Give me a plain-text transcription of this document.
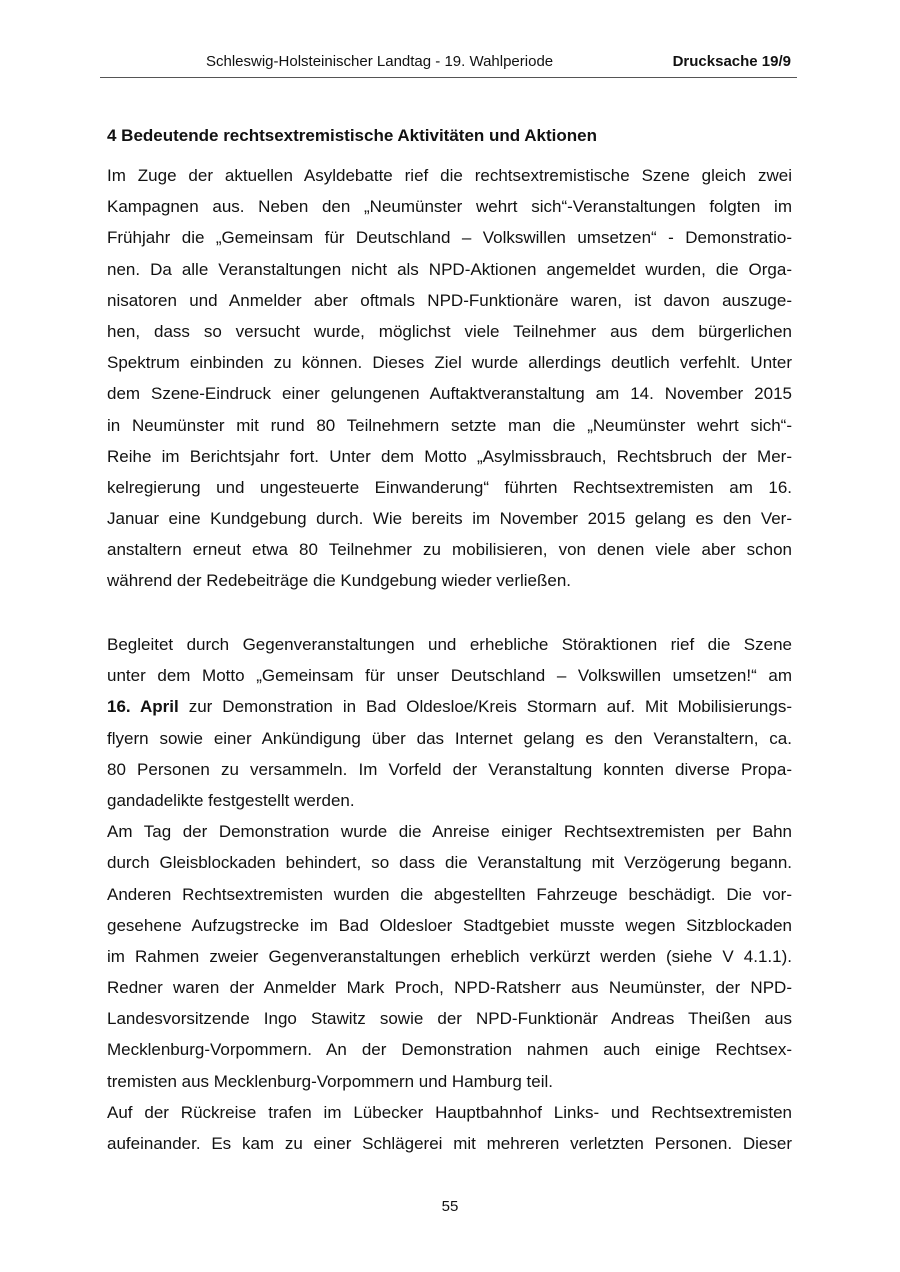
Schleswig-Holsteinischer Landtag - 19. Wahlperiode	Drucksache 19/9
4 Bedeutende rechtsextremistische Aktivitäten und Aktionen
Im Zuge der aktuellen Asyldebatte rief die rechtsextremistische Szene gleich zwei
Kampagnen aus. Neben den „Neumünster wehrt sich“-Veranstaltungen folgten im
Frühjahr die „Gemeinsam für Deutschland – Volkswillen umsetzen“ - Demonstratio-
nen. Da alle Veranstaltungen nicht als NPD-Aktionen angemeldet wurden, die Orga-
nisatoren und Anmelder aber oftmals NPD-Funktionäre waren, ist davon auszuge-
hen, dass so versucht wurde, möglichst viele Teilnehmer aus dem bürgerlichen
Spektrum einbinden zu können. Dieses Ziel wurde allerdings deutlich verfehlt. Unter
dem Szene-Eindruck einer gelungenen Auftaktveranstaltung am 14. November 2015
in Neumünster mit rund 80 Teilnehmern setzte man die „Neumünster wehrt sich“-
Reihe im Berichtsjahr fort. Unter dem Motto „Asylmissbrauch, Rechtsbruch der Mer-
kelregierung und ungesteuerte Einwanderung“ führten Rechtsextremisten am 16.
Januar eine Kundgebung durch. Wie bereits im November 2015 gelang es den Ver-
anstaltern erneut etwa 80 Teilnehmer zu mobilisieren, von denen viele aber schon
während der Redebeiträge die Kundgebung wieder verließen.
Begleitet durch Gegenveranstaltungen und erhebliche Störaktionen rief die Szene
unter dem Motto „Gemeinsam für unser Deutschland – Volkswillen umsetzen!“ am
16. April zur Demonstration in Bad Oldesloe/Kreis Stormarn auf. Mit Mobilisierungs-
flyern sowie einer Ankündigung über das Internet gelang es den Veranstaltern, ca.
80 Personen zu versammeln. Im Vorfeld der Veranstaltung konnten diverse Propa-
gandadelikte festgestellt werden.
Am Tag der Demonstration wurde die Anreise einiger Rechtsextremisten per Bahn
durch Gleisblockaden behindert, so dass die Veranstaltung mit Verzögerung begann.
Anderen Rechtsextremisten wurden die abgestellten Fahrzeuge beschädigt. Die vor-
gesehene Aufzugstrecke im Bad Oldesloer Stadtgebiet musste wegen Sitzblockaden
im Rahmen zweier Gegenveranstaltungen erheblich verkürzt werden (siehe V 4.1.1).
Redner waren der Anmelder Mark Proch, NPD-Ratsherr aus Neumünster, der NPD-
Landesvorsitzende Ingo Stawitz sowie der NPD-Funktionär Andreas Theißen aus
Mecklenburg-Vorpommern. An der Demonstration nahmen auch einige Rechtsex-
tremisten aus Mecklenburg-Vorpommern und Hamburg teil.
Auf der Rückreise trafen im Lübecker Hauptbahnhof Links- und Rechtsextremisten
aufeinander. Es kam zu einer Schlägerei mit mehreren verletzten Personen. Dieser
55
